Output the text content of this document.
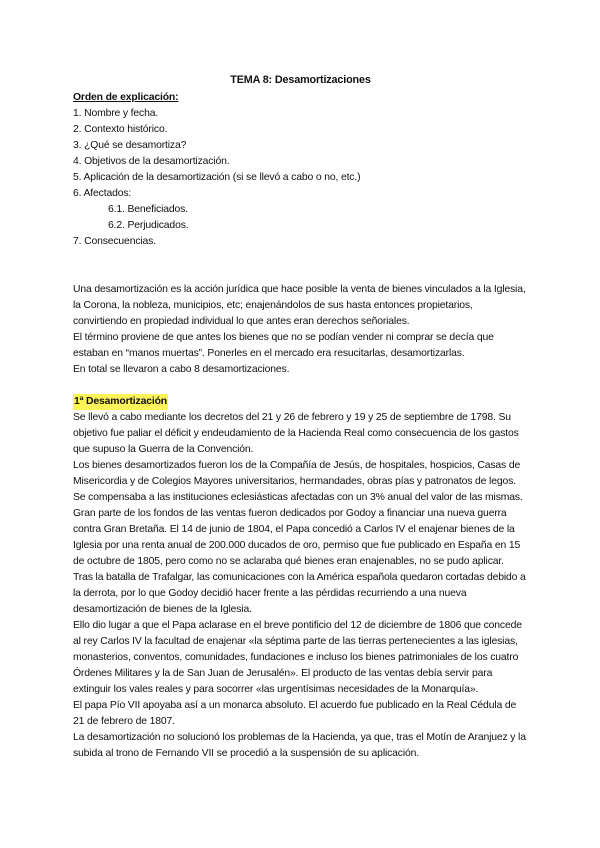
TEMA 8: Desamortizaciones
Orden de explicación:
1. Nombre y fecha.
2. Contexto histórico.
3. ¿Qué se desamortiza?
4. Objetivos de la desamortización.
5. Aplicación de la desamortización (si se llevó a cabo o no, etc.)
6. Afectados:
6.1. Beneficiados.
6.2. Perjudicados.
7. Consecuencias.

Una desamortización es la acción jurídica que hace posible la venta de bienes vinculados a la Iglesia, la Corona, la nobleza, municipios, etc; enajenándolos de sus hasta entonces propietarios, convirtiendo en propiedad individual lo que antes eran derechos señoriales.

El término proviene de que antes los bienes que no se podían vender ni comprar se decía que estaban en “manos muertas”. Ponerles en el mercado era resucitarlas, desamortizarlas.

En total se llevaron a cabo 8 desamortizaciones.

1ª Desamortización

Se llevó a cabo mediante los decretos del 21 y 26 de febrero y 19 y 25 de septiembre de 1798. Su objetivo fue paliar el déficit y endeudamiento de la Hacienda Real como consecuencia de los gastos que supuso la Guerra de la Convención.

Los bienes desamortizados fueron los de la Compañía de Jesús, de hospitales, hospicios, Casas de Misericordia y de Colegios Mayores universitarios, hermandades, obras pías y patronatos de legos. Se compensaba a las instituciones eclesiásticas afectadas con un 3% anual del valor de las mismas.

Gran parte de los fondos de las ventas fueron dedicados por Godoy a financiar una nueva guerra contra Gran Bretaña. El 14 de junio de 1804, el Papa concedió a Carlos IV el enajenar bienes de la Iglesia por una renta anual de 200.000 ducados de oro, permiso que fue publicado en España en 15 de octubre de 1805, pero como no se aclaraba qué bienes eran enajenables, no se pudo aplicar.

Tras la batalla de Trafalgar, las comunicaciones con la América española quedaron cortadas debido a la derrota, por lo que Godoy decidió hacer frente a las pérdidas recurriendo a una nueva desamortización de bienes de la Iglesia.

Ello dio lugar a que el Papa aclarase en el breve pontificio del 12 de diciembre de 1806 que concede al rey Carlos IV la facultad de enajenar «la séptima parte de las tierras pertenecientes a las iglesias, monasterios, conventos, comunidades, fundaciones e incluso los bienes patrimoniales de los cuatro Órdenes Militares y la de San Juan de Jerusalén». El producto de las ventas debía servir para extinguir los vales reales y para socorrer «las urgentísimas necesidades de la Monarquía».

El papa Pío VII apoyaba así a un monarca absoluto. El acuerdo fue publicado en la Real Cédula de 21 de febrero de 1807.

La desamortización no solucionó los problemas de la Hacienda, ya que, tras el Motín de Aranjuez y la subida al trono de Fernando VII se procedió a la suspensión de su aplicación.
